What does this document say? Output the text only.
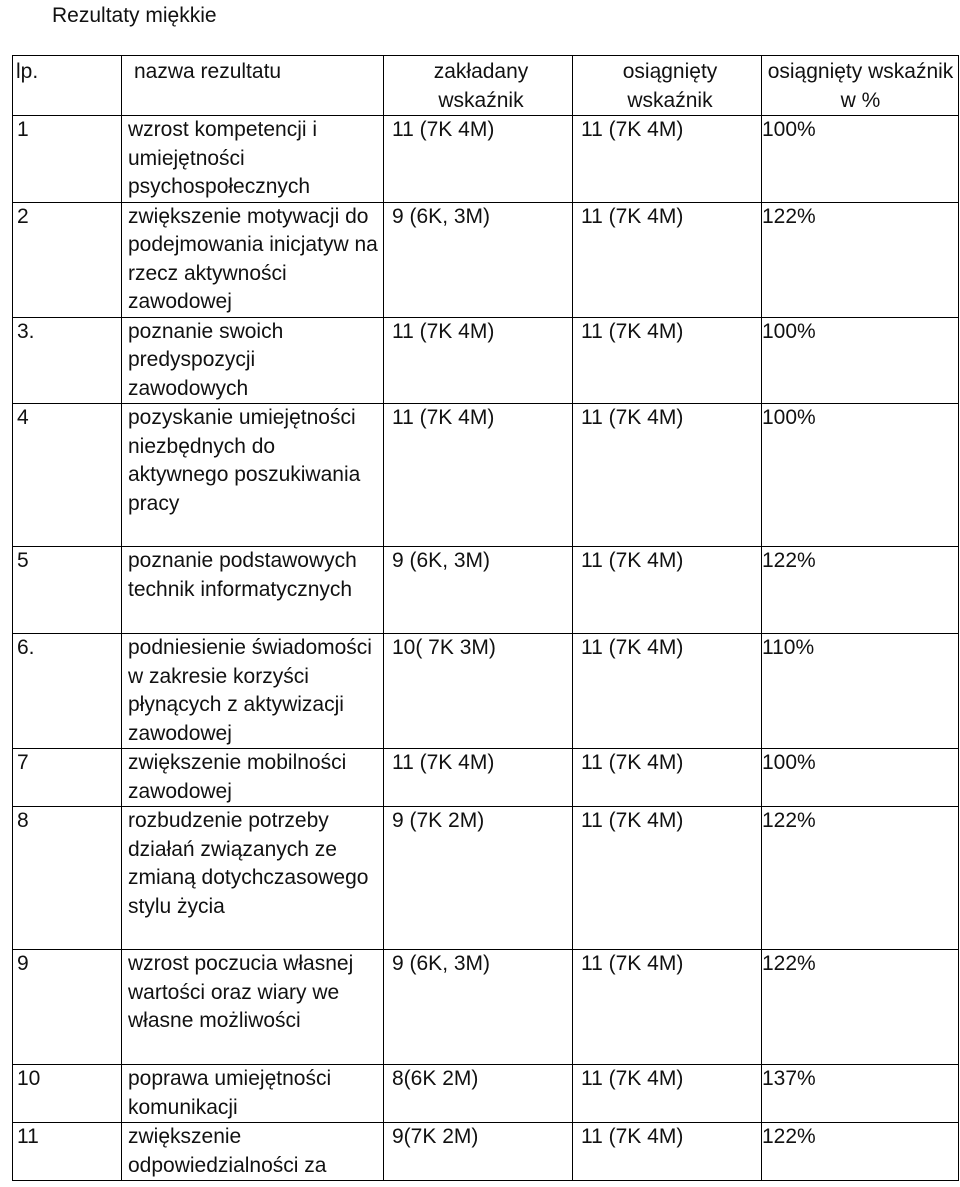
Rezultaty miękkie
lp.	nazwa rezultatu	zakładany wskaźnik	osiągnięty wskaźnik	osiągnięty wskaźnik w %
1	wzrost kompetencji i umiejętności psychospołecznych	11 (7K 4M)	11 (7K 4M)	100%
2	zwiększenie motywacji do podejmowania inicjatyw na rzecz aktywności zawodowej	9 (6K, 3M)	11 (7K 4M)	122%
3.	poznanie swoich predyspozycji zawodowych	11 (7K 4M)	11 (7K 4M)	100%
4	pozyskanie umiejętności niezbędnych do aktywnego poszukiwania pracy	11 (7K 4M)	11 (7K 4M)	100%
5	poznanie podstawowych technik informatycznych	9 (6K, 3M)	11 (7K 4M)	122%
6.	podniesienie świadomości w zakresie korzyści płynących z aktywizacji zawodowej	10( 7K 3M)	11 (7K 4M)	110%
7	zwiększenie mobilności zawodowej	11 (7K 4M)	11 (7K 4M)	100%
8	rozbudzenie potrzeby działań związanych ze zmianą dotychczasowego stylu życia	9 (7K 2M)	11 (7K 4M)	122%
9	wzrost poczucia własnej wartości oraz wiary we własne możliwości	9 (6K, 3M)	11 (7K 4M)	122%
10	poprawa umiejętności komunikacji	8(6K 2M)	11 (7K 4M)	137%
11	zwiększenie odpowiedzialności za	9(7K 2M)	11 (7K 4M)	122%
